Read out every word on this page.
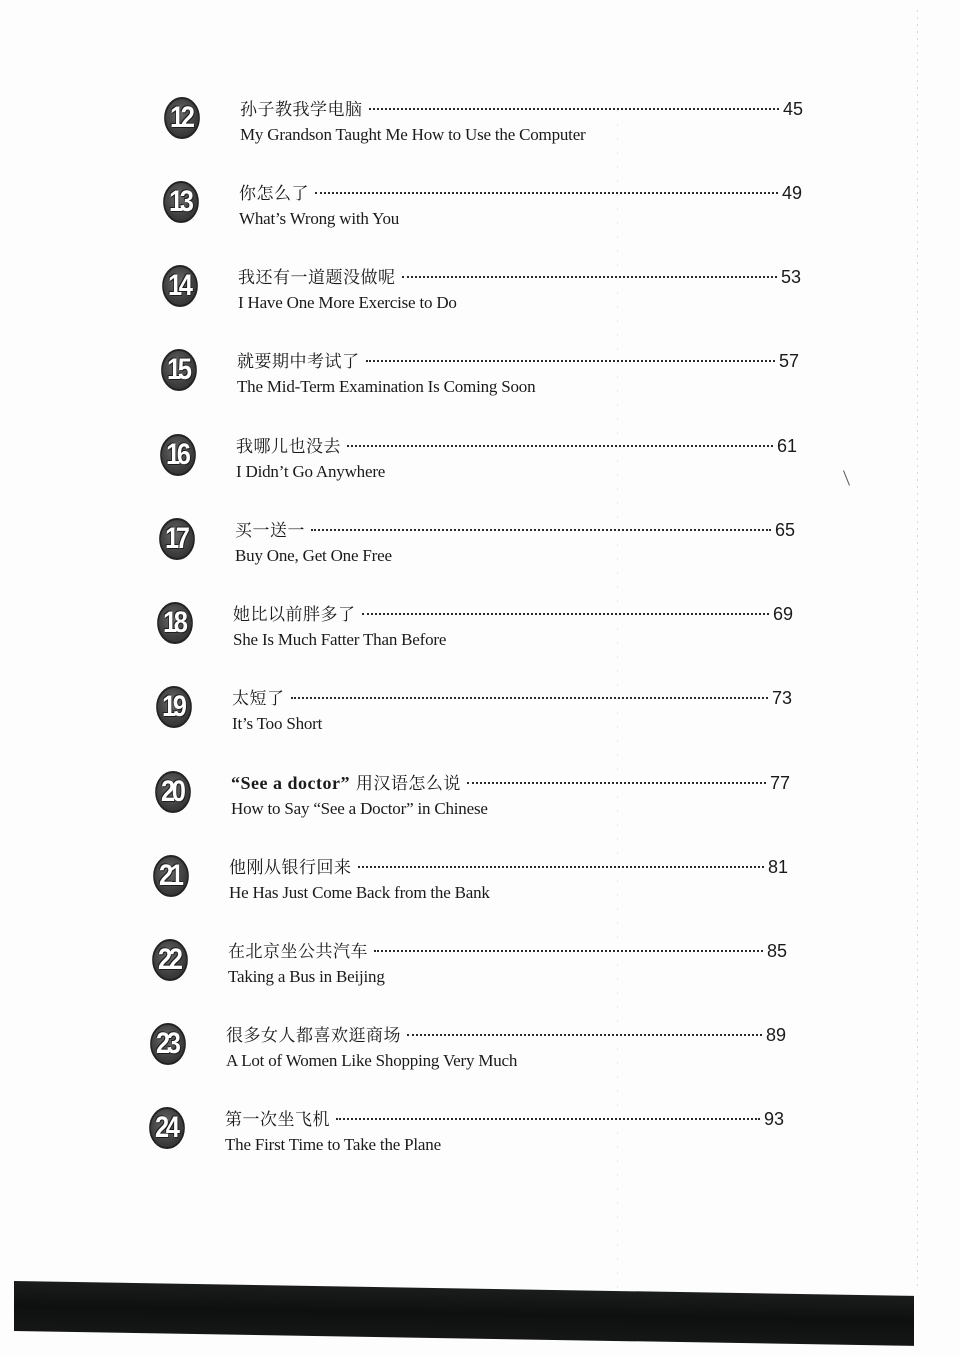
12	孙子教我学电脑	45
My Grandson Taught Me How to Use the Computer
13	你怎么了	49
What’s Wrong with You
14	我还有一道题没做呢	53
I Have One More Exercise to Do
15	就要期中考试了	57
The Mid-Term Examination Is Coming Soon
16	我哪儿也没去	61
I Didn’t Go Anywhere
17	买一送一	65
Buy One, Get One Free
18	她比以前胖多了	69
She Is Much Fatter Than Before
19	太短了	73
It’s Too Short
20	“See a doctor” 用汉语怎么说	77
How to Say “See a Doctor” in Chinese
21	他刚从银行回来	81
He Has Just Come Back from the Bank
22	在北京坐公共汽车	85
Taking a Bus in Beijing
23	很多女人都喜欢逛商场	89
A Lot of Women Like Shopping Very Much
24	第一次坐飞机	93
The First Time to Take the Plane
